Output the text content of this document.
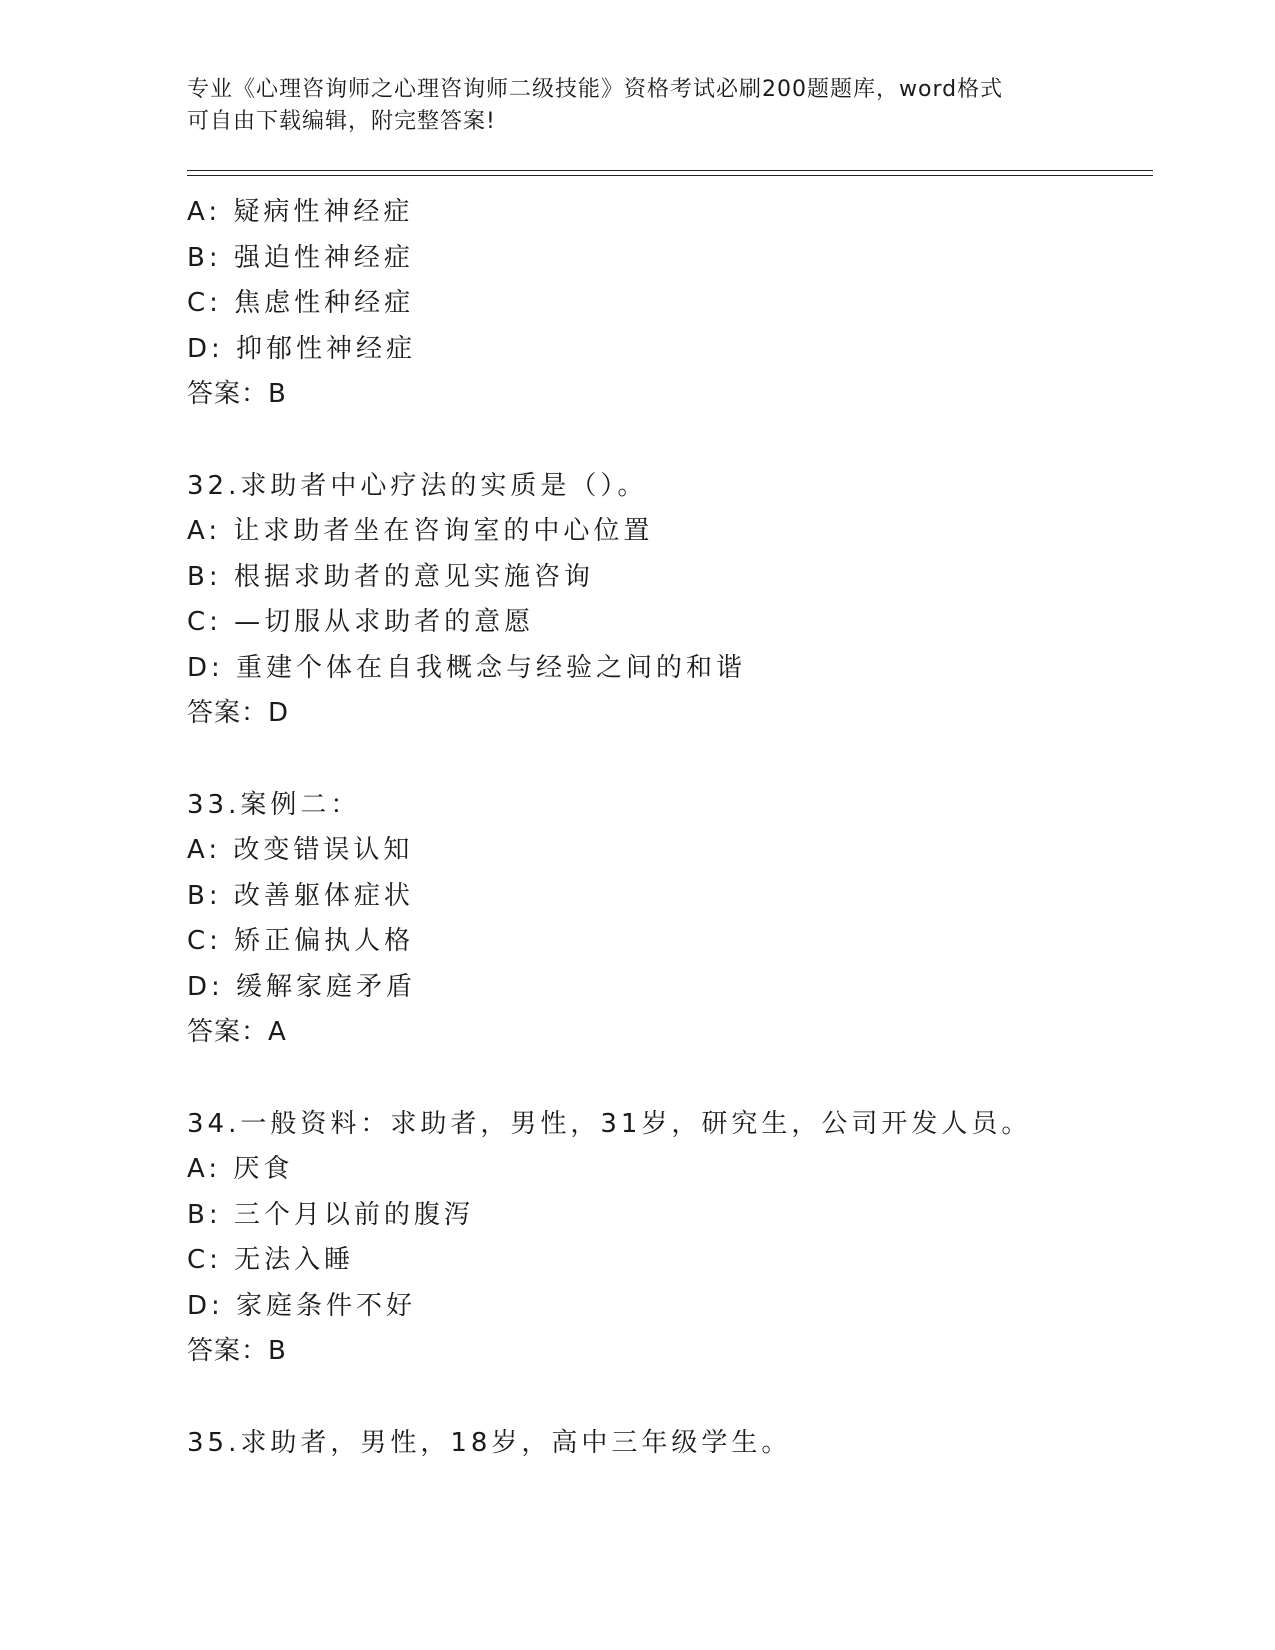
专业《心理咨询师之心理咨询师二级技能》资格考试必刷200题题库，word格式
可自由下载编辑，附完整答案!
A: 疑病性神经症
B: 强迫性神经症
C: 焦虑性种经症
D: 抑郁性神经症
答案：B
32.求助者中心疗法的实质是（）。
A: 让求助者坐在咨询室的中心位置
B: 根据求助者的意见实施咨询
C: —切服从求助者的意愿
D: 重建个体在自我概念与经验之间的和谐
答案：D
33.案例二：
A: 改变错误认知
B: 改善躯体症状
C: 矫正偏执人格
D: 缓解家庭矛盾
答案：A
34.一般资料：求助者，男性，31岁，研究生，公司开发人员。
A: 厌食
B: 三个月以前的腹泻
C: 无法入睡
D: 家庭条件不好
答案：B
35.求助者，男性，18岁，高中三年级学生。
